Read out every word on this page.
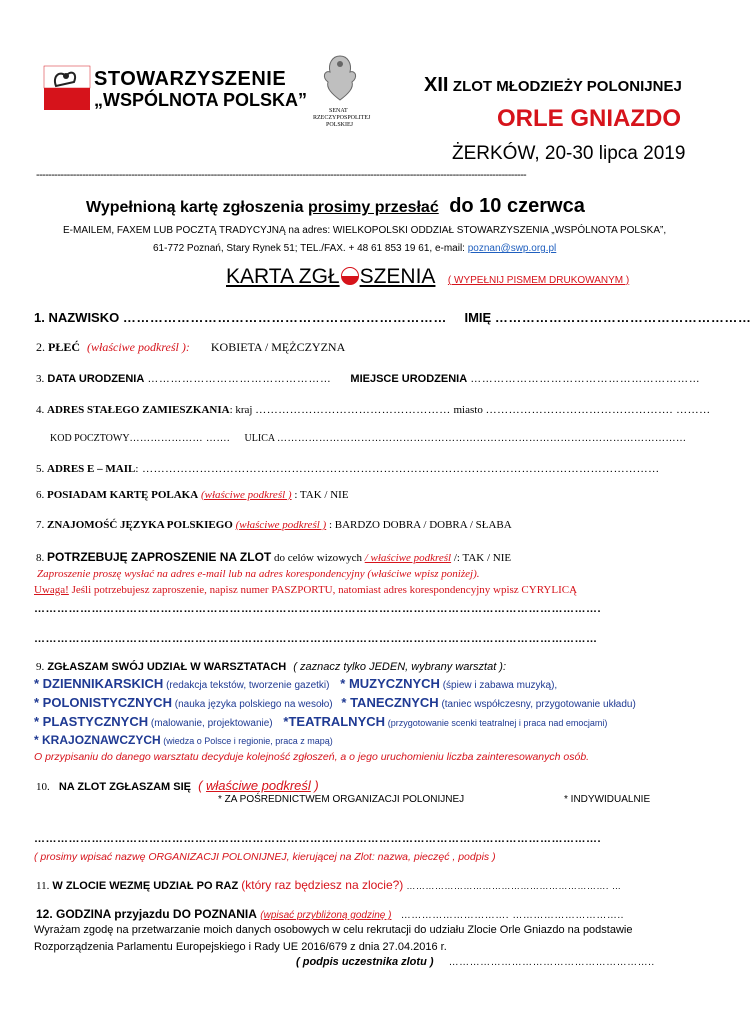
STOWARZYSZENIE
„WSPÓLNOTA POLSKA”
SENAT
RZECZYPOSPOLITEJ
POLSKIEJ
XII ZLOT MŁODZIEŻY POLONIJNEJ
ORLE GNIAZDO
ŻERKÓW, 20-30 lipca 2019
----------------------------------------------------------------------------------------------------------------------------------------------------------------
Wypełnioną kartę zgłoszenia prosimy przesłać do 10 czerwca
E-MAILEM, FAXEM LUB POCZTĄ TRADYCYJNĄ na adres: WIELKOPOLSKI ODDZIAŁ STOWARZYSZENIA „WSPÓLNOTA POLSKA”,
61-772 Poznań, Stary Rynek 51; TEL./FAX. + 48 61 853 19 61, e-mail: poznan@swp.org.pl
KARTA ZGŁ SZENIA ( WYPEŁNIJ PISMEM DRUKOWANYM )
1. NAZWISKO ……………………………………………………………… IMIĘ …………………………………………………
2. PŁEĆ (właściwe podkreśl ): KOBIETA / MĘŻCZYZNA
3. DATA URODZENIA ………………………………………… MIEJSCE URODZENIA ……………………………………………………
4. ADRES STAŁEGO ZAMIESZKANIA: kraj …………………………………………… miasto …………………………………………. ………
KOD POCZTOWY………………… ……. ULICA ………………………………………………………………………………………………………
5. ADRES E – MAIL: ………………………………………………………………………………………………………………………
6. POSIADAM KARTĘ POLAKA (właściwe podkreśl ) : TAK / NIE
7. ZNAJOMOŚĆ JĘZYKA POLSKIEGO (właściwe podkreśl ) : BARDZO DOBRA / DOBRA / SŁABA
8. POTRZEBUJĘ ZAPROSZENIE NA ZLOT do celów wizowych / właściwe podkreśl /: TAK / NIE
Zaproszenie proszę wysłać na adres e-mail lub na adres korespondencyjny (właściwe wpisz poniżej).
Uwaga! Jeśli potrzebujesz zaproszenie, napisz numer PASZPORTU, natomiast adres korespondencyjny wpisz CYRYLICĄ
………………………………………………………………………………………………………………………………….
…………………………………………………………………………………………………………………………………
9. ZGŁASZAM SWÓJ UDZIAŁ W WARSZTATACH ( zaznacz tylko JEDEN, wybrany warsztat ):
* DZIENNIKARSKICH (redakcja tekstów, tworzenie gazetki) * MUZYCZNYCH (śpiew i zabawa muzyką),
* POLONISTYCZNYCH (nauka języka polskiego na wesoło) * TANECZNYCH (taniec współczesny, przygotowanie układu)
* PLASTYCZNYCH (malowanie, projektowanie) *TEATRALNYCH (przygotowanie scenki teatralnej i praca nad emocjami)
* KRAJOZNAWCZYCH (wiedza o Polsce i regionie, praca z mapą)
O przypisaniu do danego warsztatu decyduje kolejność zgłoszeń, a o jego uruchomieniu liczba zainteresowanych osób.
10. NA ZLOT ZGŁASZAM SIĘ ( właściwe podkreśl )
* ZA POŚREDNICTWEM ORGANIZACJI POLONIJNEJ	* INDYWIDUALNIE
………………………………………………………………………………………………………………………………….
( prosimy wpisać nazwę ORGANIZACJI POLONIJNEJ, kierującej na Zlot: nazwa, pieczęć , podpis )
11. W ZLOCIE WEZMĘ UDZIAŁ PO RAZ (który raz będziesz na zlocie?) ………………………………………………………. …
12. GODZINA przyjazdu DO POZNANIA (wpisać przybliżoną godzinę ) …………………………. …………………………..
Wyrażam zgodę na przetwarzanie moich danych osobowych w celu rekrutacji do udziału Zlocie Orle Gniazdo na podstawie
Rozporządzenia Parlamentu Europejskiego i Rady UE 2016/679 z dnia 27.04.2016 r.
( podpis uczestnika zlotu ) …………………………………………………..
